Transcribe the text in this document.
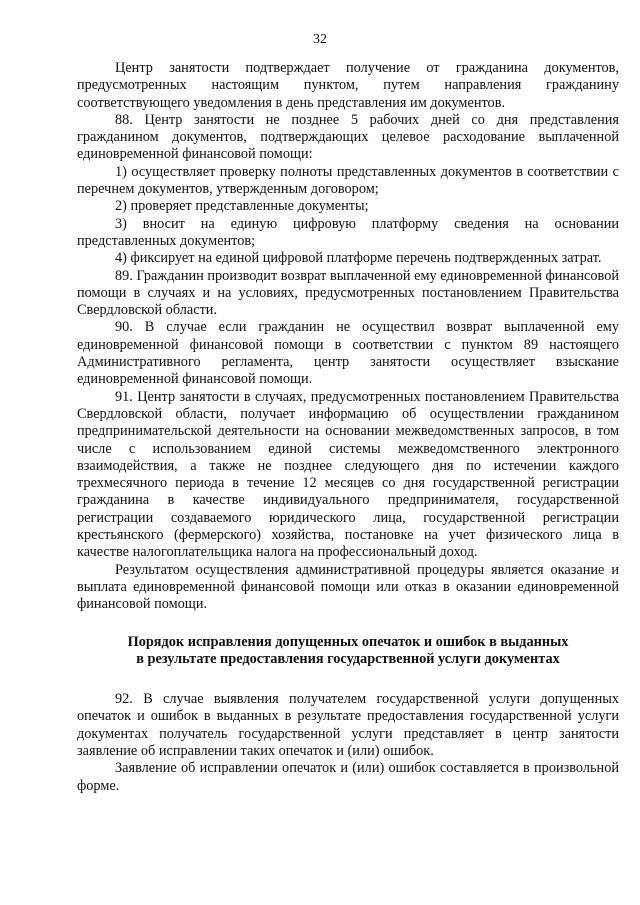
32

Центр занятости подтверждает получение от гражданина документов, предусмотренных настоящим пунктом, путем направления гражданину соответствующего уведомления в день представления им документов.

88. Центр занятости не позднее 5 рабочих дней со дня представления гражданином документов, подтверждающих целевое расходование выплаченной единовременной финансовой помощи:

1) осуществляет проверку полноты представленных документов в соответствии с перечнем документов, утвержденным договором;

2) проверяет представленные документы;

3) вносит на единую цифровую платформу сведения на основании представленных документов;

4) фиксирует на единой цифровой платформе перечень подтвержденных затрат.

89. Гражданин производит возврат выплаченной ему единовременной финансовой помощи в случаях и на условиях, предусмотренных постановлением Правительства Свердловской области.

90. В случае если гражданин не осуществил возврат выплаченной ему единовременной финансовой помощи в соответствии с пунктом 89 настоящего Административного регламента, центр занятости осуществляет взыскание единовременной финансовой помощи.

91. Центр занятости в случаях, предусмотренных постановлением Правительства Свердловской области, получает информацию об осуществлении гражданином предпринимательской деятельности на основании межведомственных запросов, в том числе с использованием единой системы межведомственного электронного взаимодействия, а также не позднее следующего дня по истечении каждого трехмесячного периода в течение 12 месяцев со дня государственной регистрации гражданина в качестве индивидуального предпринимателя, государственной регистрации создаваемого юридического лица, государственной регистрации крестьянского (фермерского) хозяйства, постановке на учет физического лица в качестве налогоплательщика налога на профессиональный доход.

Результатом осуществления административной процедуры является оказание и выплата единовременной финансовой помощи или отказ в оказании единовременной финансовой помощи.

Порядок исправления допущенных опечаток и ошибок в выданных
в результате предоставления государственной услуги документах

92. В случае выявления получателем государственной услуги допущенных опечаток и ошибок в выданных в результате предоставления государственной услуги документах получатель государственной услуги представляет в центр занятости заявление об исправлении таких опечаток и (или) ошибок.

Заявление об исправлении опечаток и (или) ошибок составляется в произвольной форме.
